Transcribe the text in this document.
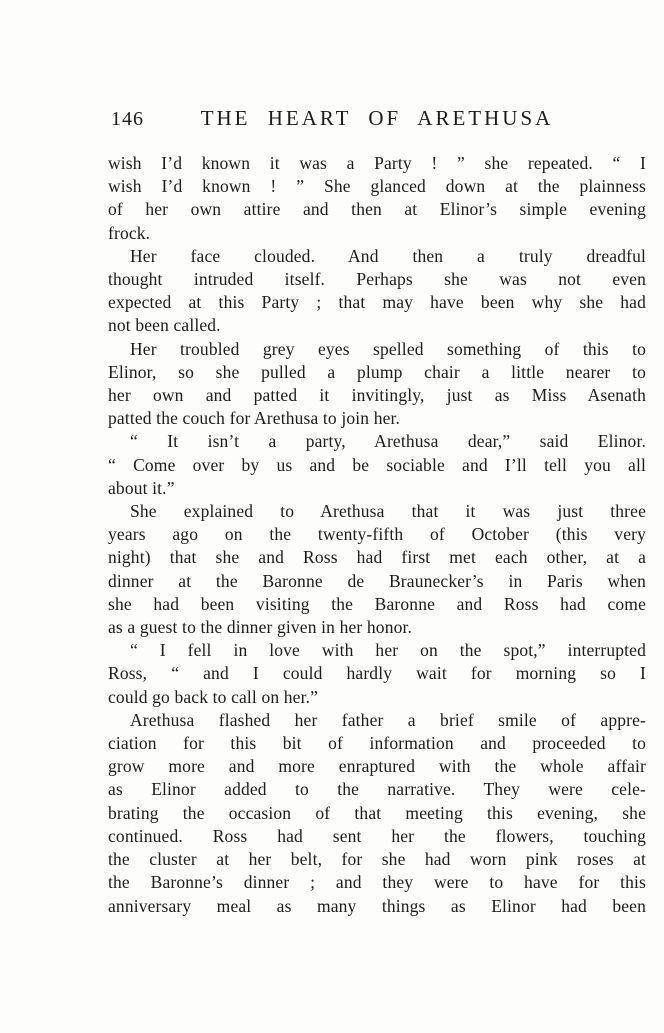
146	THE HEART OF ARETHUSA
wish I’d known it was a Party ! ” she repeated. “ I
wish I’d known ! ” She glanced down at the plainness
of her own attire and then at Elinor’s simple evening
frock.
Her face clouded. And then a truly dreadful
thought intruded itself. Perhaps she was not even
expected at this Party ; that may have been why she had
not been called.
Her troubled grey eyes spelled something of this to
Elinor, so she pulled a plump chair a little nearer to
her own and patted it invitingly, just as Miss Asenath
patted the couch for Arethusa to join her.
“ It isn’t a party, Arethusa dear,” said Elinor.
“ Come over by us and be sociable and I’ll tell you all
about it.”
She explained to Arethusa that it was just three
years ago on the twenty-fifth of October (this very
night) that she and Ross had first met each other, at a
dinner at the Baronne de Braunecker’s in Paris when
she had been visiting the Baronne and Ross had come
as a guest to the dinner given in her honor.
“ I fell in love with her on the spot,” interrupted
Ross, “ and I could hardly wait for morning so I
could go back to call on her.”
Arethusa flashed her father a brief smile of appre-
ciation for this bit of information and proceeded to
grow more and more enraptured with the whole affair
as Elinor added to the narrative. They were cele-
brating the occasion of that meeting this evening, she
continued. Ross had sent her the flowers, touching
the cluster at her belt, for she had worn pink roses at
the Baronne’s dinner ; and they were to have for this
anniversary meal as many things as Elinor had been
